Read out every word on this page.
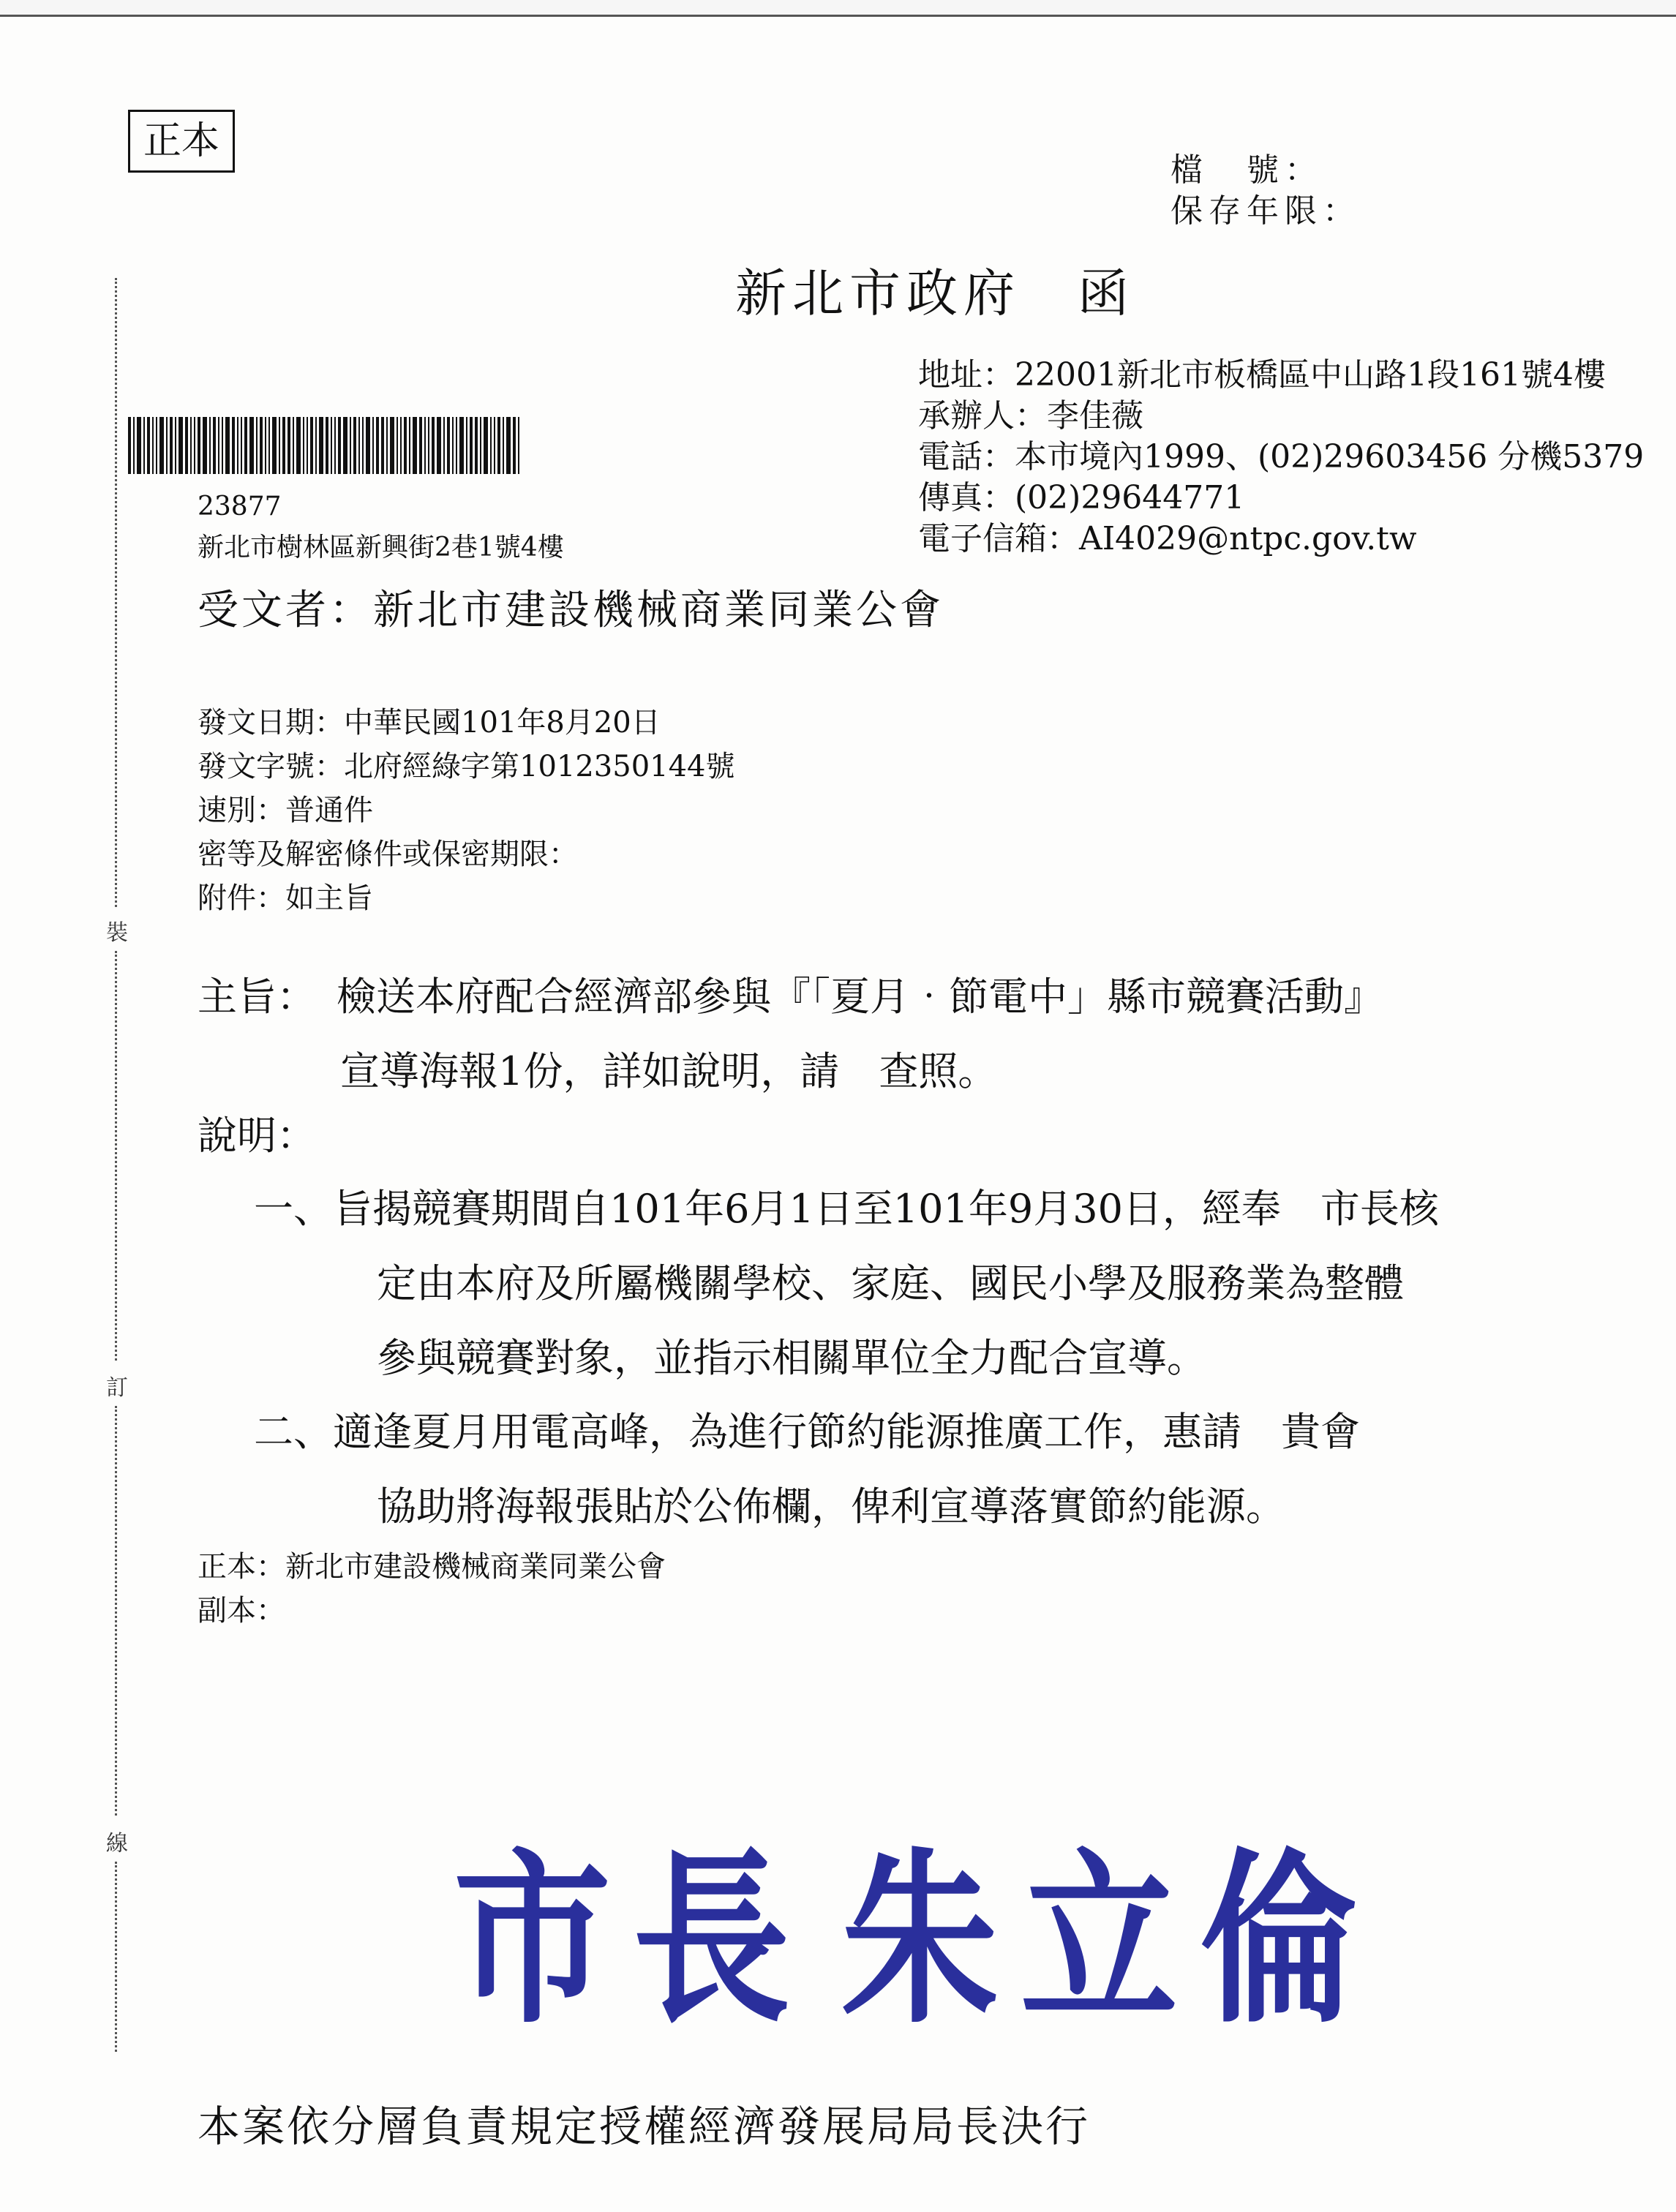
正本
檔　號：
保存年限：
新北市政府　函
地址：22001新北市板橋區中山路1段161號4樓
承辦人：李佳薇
電話：本市境內1999、(02)29603456 分機5379
傳真：(02)29644771
電子信箱：AI4029@ntpc.gov.tw
23877
新北市樹林區新興街2巷1號4樓
受文者：新北市建設機械商業同業公會
發文日期：中華民國101年8月20日
發文字號：北府經綠字第1012350144號
速別：普通件
密等及解密條件或保密期限：
附件：如主旨
主旨： 檢送本府配合經濟部參與『「夏月‧節電中」縣市競賽活動』
宣導海報1份，詳如說明，請　查照。
說明：
一、旨揭競賽期間自101年6月1日至101年9月30日，經奉　市長核
定由本府及所屬機關學校、家庭、國民小學及服務業為整體
參與競賽對象，並指示相關單位全力配合宣導。
二、適逢夏月用電高峰，為進行節約能源推廣工作，惠請　貴會
協助將海報張貼於公佈欄，俾利宣導落實節約能源。
正本：新北市建設機械商業同業公會
副本：
裝
訂
線 市長 朱立倫
本案依分層負責規定授權經濟發展局局長決行
